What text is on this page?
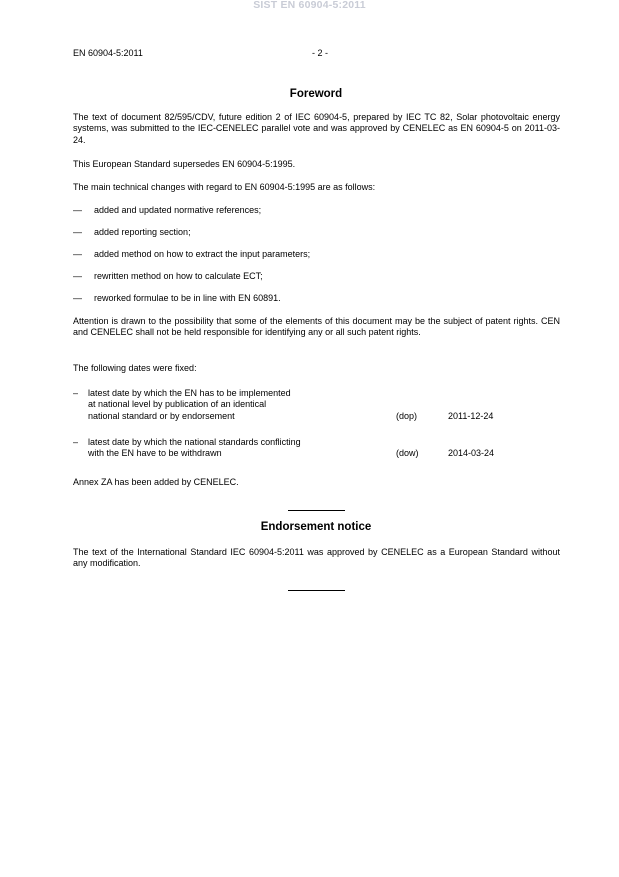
SIST EN 60904-5:2011
EN 60904-5:2011	- 2 -
Foreword
The text of document 82/595/CDV, future edition 2 of IEC 60904-5, prepared by IEC TC 82, Solar photovoltaic energy systems, was submitted to the IEC-CENELEC parallel vote and was approved by CENELEC as EN 60904-5 on 2011-03-24.
This European Standard supersedes EN 60904-5:1995.
The main technical changes with regard to EN 60904-5:1995 are as follows:
— added and updated normative references;
— added reporting section;
— added method on how to extract the input parameters;
— rewritten method on how to calculate ECT;
— reworked formulae to be in line with EN 60891.
Attention is drawn to the possibility that some of the elements of this document may be the subject of patent rights. CEN and CENELEC shall not be held responsible for identifying any or all such patent rights.
The following dates were fixed:
– latest date by which the EN has to be implemented
at national level by publication of an identical
national standard or by endorsement	(dop)	2011-12-24
– latest date by which the national standards conflicting
with the EN have to be withdrawn	(dow)	2014-03-24
Annex ZA has been added by CENELEC.
Endorsement notice
The text of the International Standard IEC 60904-5:2011 was approved by CENELEC as a European Standard without any modification.
